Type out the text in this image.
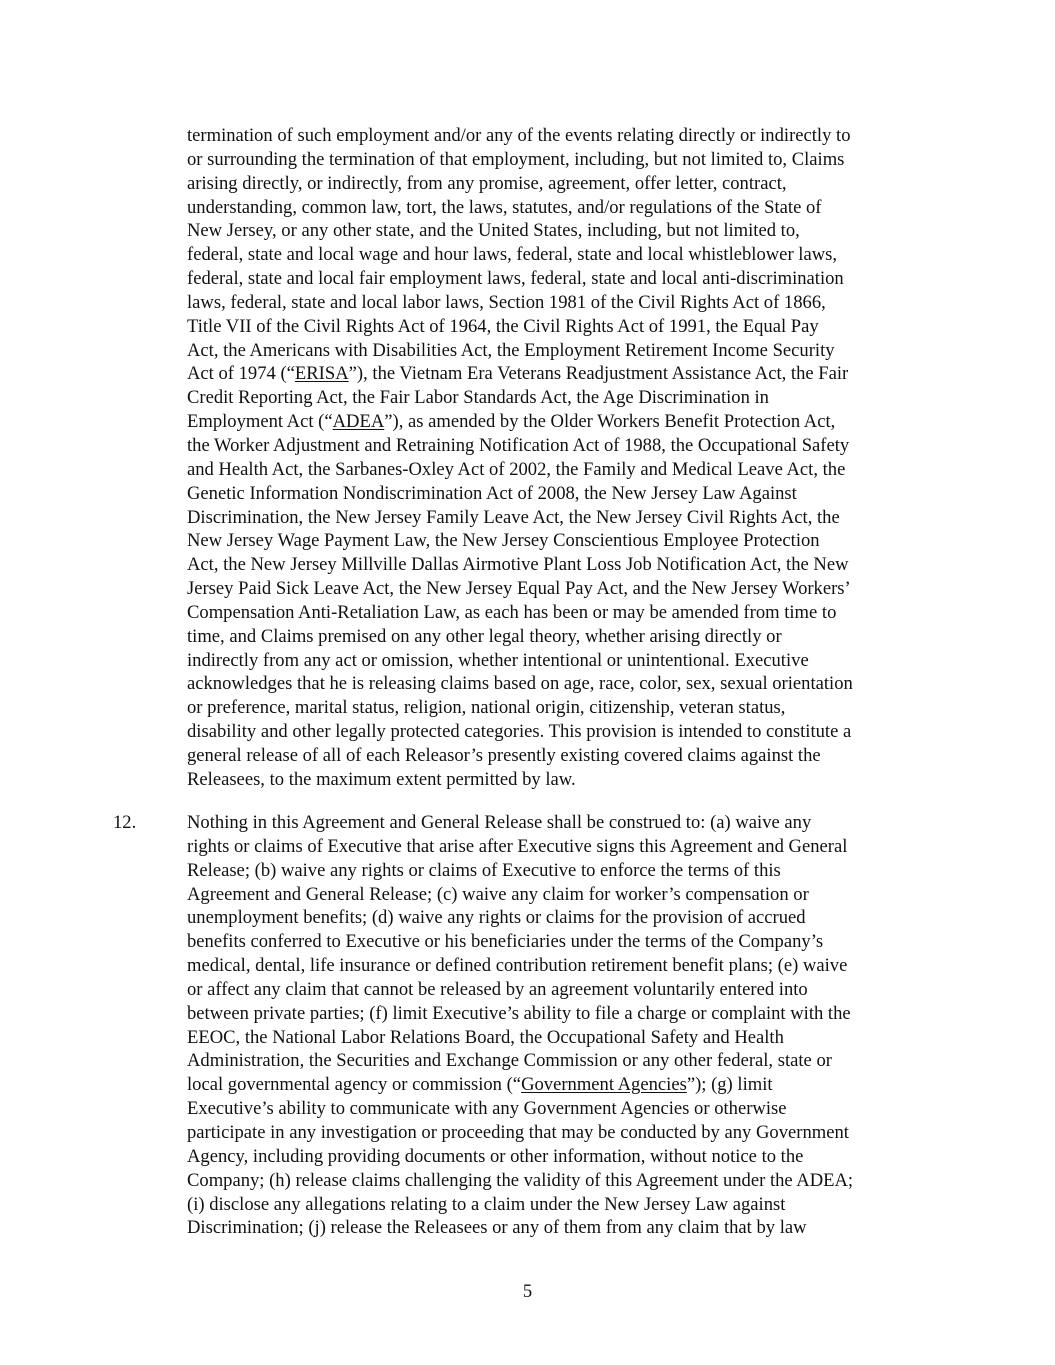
termination of such employment and/or any of the events relating directly or indirectly to
or surrounding the termination of that employment, including, but not limited to, Claims
arising directly, or indirectly, from any promise, agreement, offer letter, contract,
understanding, common law, tort, the laws, statutes, and/or regulations of the State of
New Jersey, or any other state, and the United States, including, but not limited to,
federal, state and local wage and hour laws, federal, state and local whistleblower laws,
federal, state and local fair employment laws, federal, state and local anti-discrimination
laws, federal, state and local labor laws, Section 1981 of the Civil Rights Act of 1866,
Title VII of the Civil Rights Act of 1964, the Civil Rights Act of 1991, the Equal Pay
Act, the Americans with Disabilities Act, the Employment Retirement Income Security
Act of 1974 (“ERISA”), the Vietnam Era Veterans Readjustment Assistance Act, the Fair
Credit Reporting Act, the Fair Labor Standards Act, the Age Discrimination in
Employment Act (“ADEA”), as amended by the Older Workers Benefit Protection Act,
the Worker Adjustment and Retraining Notification Act of 1988, the Occupational Safety
and Health Act, the Sarbanes-Oxley Act of 2002, the Family and Medical Leave Act, the
Genetic Information Nondiscrimination Act of 2008, the New Jersey Law Against
Discrimination, the New Jersey Family Leave Act, the New Jersey Civil Rights Act, the
New Jersey Wage Payment Law, the New Jersey Conscientious Employee Protection
Act, the New Jersey Millville Dallas Airmotive Plant Loss Job Notification Act, the New
Jersey Paid Sick Leave Act, the New Jersey Equal Pay Act, and the New Jersey Workers’
Compensation Anti-Retaliation Law, as each has been or may be amended from time to
time, and Claims premised on any other legal theory, whether arising directly or
indirectly from any act or omission, whether intentional or unintentional. Executive
acknowledges that he is releasing claims based on age, race, color, sex, sexual orientation
or preference, marital status, religion, national origin, citizenship, veteran status,
disability and other legally protected categories. This provision is intended to constitute a
general release of all of each Releasor’s presently existing covered claims against the
Releasees, to the maximum extent permitted by law.
12.	Nothing in this Agreement and General Release shall be construed to: (a) waive any
rights or claims of Executive that arise after Executive signs this Agreement and General
Release; (b) waive any rights or claims of Executive to enforce the terms of this
Agreement and General Release; (c) waive any claim for worker’s compensation or
unemployment benefits; (d) waive any rights or claims for the provision of accrued
benefits conferred to Executive or his beneficiaries under the terms of the Company’s
medical, dental, life insurance or defined contribution retirement benefit plans; (e) waive
or affect any claim that cannot be released by an agreement voluntarily entered into
between private parties; (f) limit Executive’s ability to file a charge or complaint with the
EEOC, the National Labor Relations Board, the Occupational Safety and Health
Administration, the Securities and Exchange Commission or any other federal, state or
local governmental agency or commission (“Government Agencies”); (g) limit
Executive’s ability to communicate with any Government Agencies or otherwise
participate in any investigation or proceeding that may be conducted by any Government
Agency, including providing documents or other information, without notice to the
Company; (h) release claims challenging the validity of this Agreement under the ADEA;
(i) disclose any allegations relating to a claim under the New Jersey Law against
Discrimination; (j) release the Releasees or any of them from any claim that by law
5
